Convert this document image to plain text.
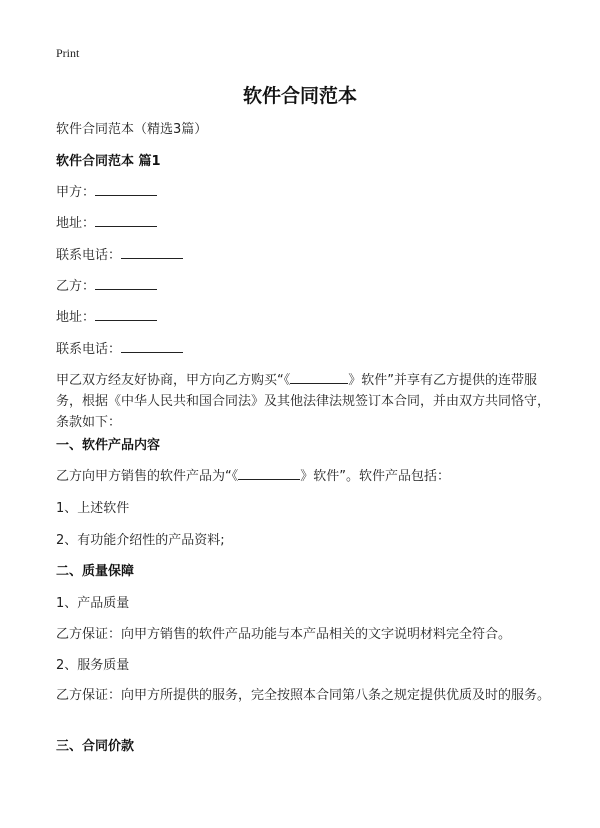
Print
软件合同范本
软件合同范本（精选3篇）
软件合同范本 篇1
甲方：
地址：
联系电话：
乙方：
地址：
联系电话：
甲乙双方经友好协商，甲方向乙方购买“《	》软件”并享有乙方提供的连带服务，根据《中华人民共和国合同法》及其他法律法规签订本合同，并由双方共同恪守，条款如下：
一、软件产品内容
乙方向甲方销售的软件产品为“《	》软件”。软件产品包括：
1、上述软件
2、有功能介绍性的产品资料;
二、质量保障
1、产品质量
乙方保证：向甲方销售的软件产品功能与本产品相关的文字说明材料完全符合。
2、服务质量
乙方保证：向甲方所提供的服务，完全按照本合同第八条之规定提供优质及时的服务。
三、合同价款
